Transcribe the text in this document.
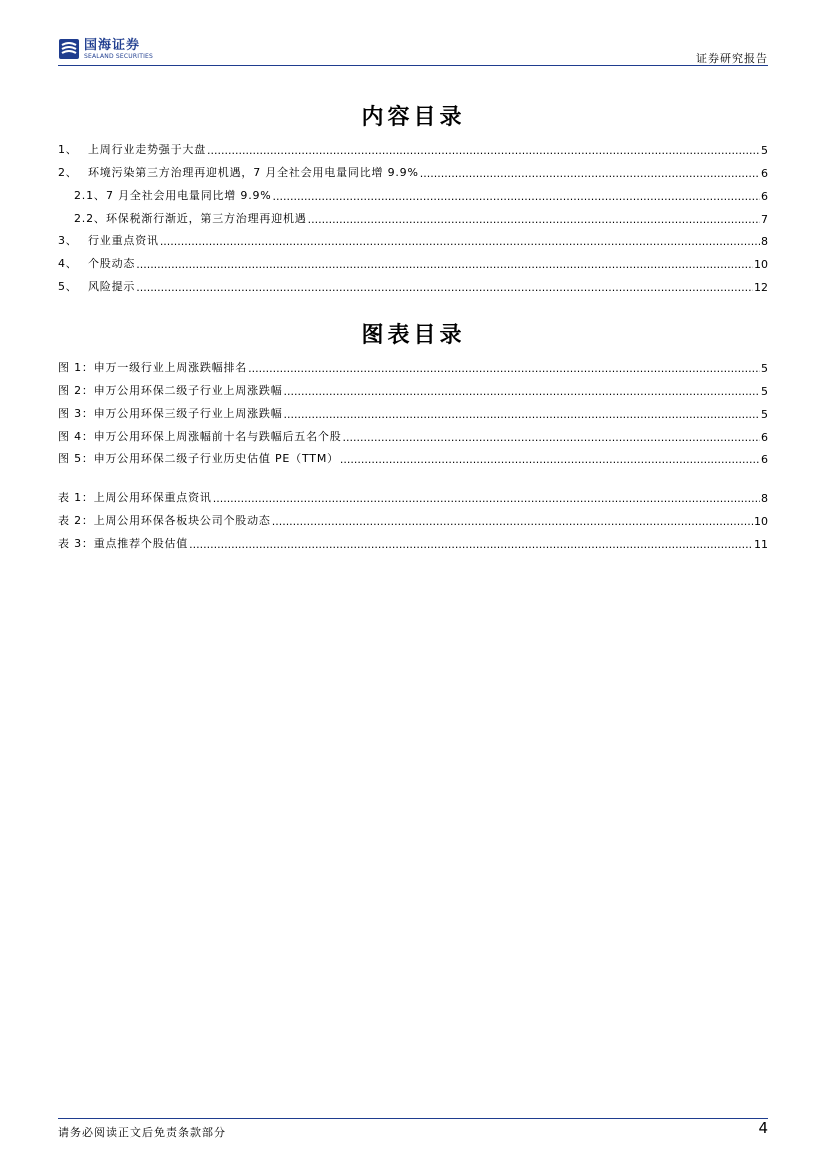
国海证券
SEALAND SECURITIES	证券研究报告
内容目录
1、 上周行业走势强于大盘 .....	5
2、 环境污染第三方治理再迎机遇，7 月全社会用电量同比增 9.9% .....	6
2.1、 7 月全社会用电量同比增 9.9% .....	6
2.2、 环保税渐行渐近，第三方治理再迎机遇 .....	7
3、 行业重点资讯 .....	8
4、 个股动态 .....	10
5、 风险提示 .....	12
图表目录
图 1： 申万一级行业上周涨跌幅排名 .....	5
图 2： 申万公用环保二级子行业上周涨跌幅 .....	5
图 3： 申万公用环保三级子行业上周涨跌幅 .....	5
图 4： 申万公用环保上周涨幅前十名与跌幅后五名个股 .....	6
图 5： 申万公用环保二级子行业历史估值 PE（TTM） .....	6
表 1： 上周公用环保重点资讯 .....	8
表 2： 上周公用环保各板块公司个股动态 .....	10
表 3： 重点推荐个股估值 .....	11
请务必阅读正文后免责条款部分	4
